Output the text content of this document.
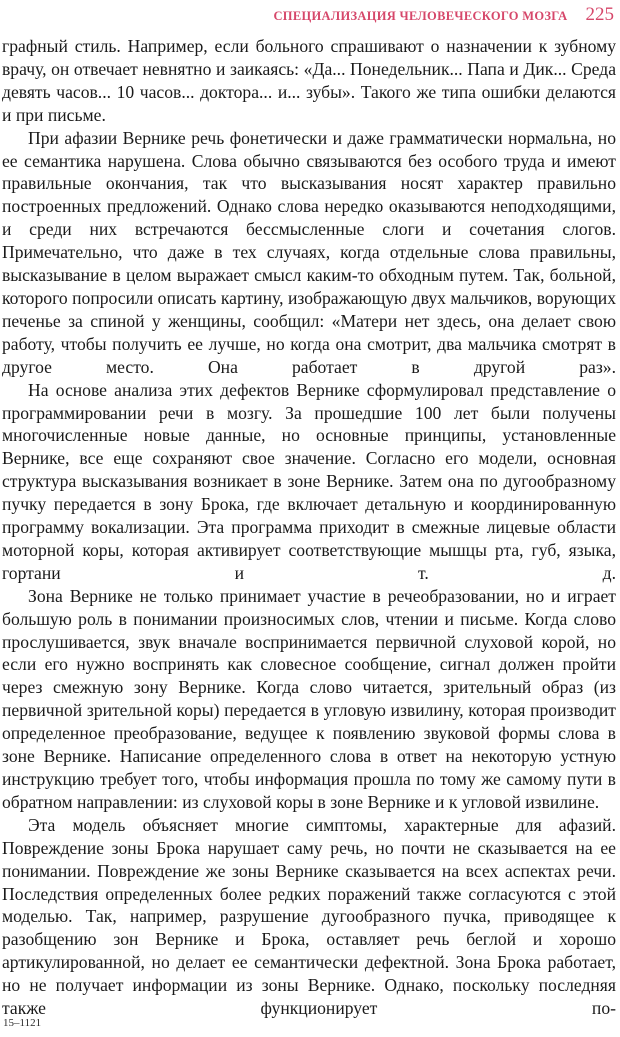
СПЕЦИАЛИЗАЦИЯ ЧЕЛОВЕЧЕСКОГО МОЗГА 225

графный стиль. Например, если больного спрашивают о назначении к зубному врачу, он отвечает невнятно и заикаясь: «Да... Понедельник... Папа и Дик... Среда девять часов... 10 часов... доктора... и... зубы». Такого же типа ошибки делаются и при письме.

При афазии Вернике речь фонетически и даже грамматически нормальна, но ее семантика нарушена. Слова обычно связываются без особого труда и имеют правильные окончания, так что высказывания носят характер правильно построенных предложений. Однако слова нередко оказываются неподходящими, и среди них встречаются бессмысленные слоги и сочетания слогов. Примечательно, что даже в тех случаях, когда отдельные слова правильны, высказывание в целом выражает смысл каким-то обходным путем. Так, больной, которого попросили описать картину, изображающую двух мальчиков, ворующих печенье за спиной у женщины, сообщил: «Матери нет здесь, она делает свою работу, чтобы получить ее лучше, но когда она смотрит, два мальчика смотрят в другое место. Она работает в другой раз».

На основе анализа этих дефектов Вернике сформулировал представление о программировании речи в мозгу. За прошедшие 100 лет были получены многочисленные новые данные, но основные принципы, установленные Вернике, все еще сохраняют свое значение. Согласно его модели, основная структура высказывания возникает в зоне Вернике. Затем она по дугообразному пучку передается в зону Брока, где включает детальную и координированную программу вокализации. Эта программа приходит в смежные лицевые области моторной коры, которая активирует соответствующие мышцы рта, губ, языка, гортани и т. д.

Зона Вернике не только принимает участие в речеобразовании, но и играет большую роль в понимании произносимых слов, чтении и письме. Когда слово прослушивается, звук вначале воспринимается первичной слуховой корой, но если его нужно воспринять как словесное сообщение, сигнал должен пройти через смежную зону Вернике. Когда слово читается, зрительный образ (из первичной зрительной коры) передается в угловую извилину, которая производит определенное преобразование, ведущее к появлению звуковой формы слова в зоне Вернике. Написание определенного слова в ответ на некоторую устную инструкцию требует того, чтобы информация прошла по тому же самому пути в обратном направлении: из слуховой коры в зоне Вернике и к угловой извилине.

Эта модель объясняет многие симптомы, характерные для афазий. Повреждение зоны Брока нарушает саму речь, но почти не сказывается на ее понимании. Повреждение же зоны Вернике сказывается на всех аспектах речи. Последствия определенных более редких поражений также согласуются с этой моделью. Так, например, разрушение дугообразного пучка, приводящее к разобщению зон Вернике и Брока, оставляет речь беглой и хорошо артикулированной, но делает ее семантически дефектной. Зона Брока работает, но не получает информации из зоны Вернике. Однако, поскольку последняя также функционирует по-

15–1121
